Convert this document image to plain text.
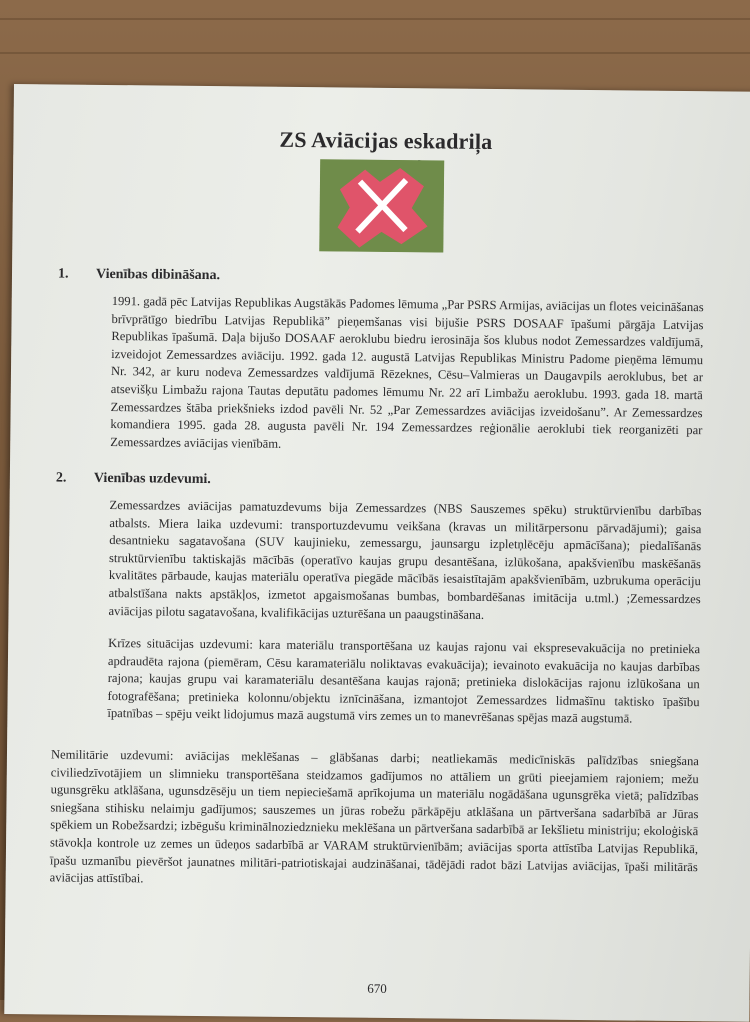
ZS Aviācijas eskadriļa
1. Vienības dibināšana.
1991. gadā pēc Latvijas Republikas Augstākās Padomes lēmuma „Par PSRS Armijas, aviācijas un flotes veicināšanas brīvprātīgo biedrību Latvijas Republikā” pieņemšanas visi bijušie PSRS DOSAAF īpašumi pārgāja Latvijas Republikas īpašumā. Daļa bijušo DOSAAF aeroklubu biedru ierosināja šos klubus nodot Zemessardzes valdījumā, izveidojot Zemessardzes aviāciju. 1992. gada 12. augustā Latvijas Republikas Ministru Padome pieņēma lēmumu Nr. 342, ar kuru nodeva Zemessardzes valdījumā Rēzeknes, Cēsu–Valmieras un Daugavpils aeroklubus, bet ar atsevišķu Limbažu rajona Tautas deputātu padomes lēmumu Nr. 22 arī Limbažu aeroklubu. 1993. gada 18. martā Zemessardzes štāba priekšnieks izdod pavēli Nr. 52 „Par Zemessardzes aviācijas izveidošanu”. Ar Zemessardzes komandiera 1995. gada 28. augusta pavēli Nr. 194 Zemessardzes reģionālie aeroklubi tiek reorganizēti par Zemessardzes aviācijas vienībām.
2. Vienības uzdevumi.
Zemessardzes aviācijas pamatuzdevums bija Zemessardzes (NBS Sauszemes spēku) struktūrvienību darbības atbalsts. Miera laika uzdevumi: transportuzdevumu veikšana (kravas un militārpersonu pārvadājumi); gaisa desantnieku sagatavošana (SUV kaujinieku, zemessargu, jaunsargu izpletņlēcēju apmācīšana); piedalīšanās struktūrvienību taktiskajās mācībās (operatīvo kaujas grupu desantēšana, izlūkošana, apakšvienību maskēšanās kvalitātes pārbaude, kaujas materiālu operatīva piegāde mācībās iesaistītajām apakšvienībām, uzbrukuma operāciju atbalstīšana nakts apstākļos, izmetot apgaismošanas bumbas, bombardēšanas imitācija u.tml.) ;Zemessardzes aviācijas pilotu sagatavošana, kvalifikācijas uzturēšana un paaugstināšana.
Krīzes situācijas uzdevumi: kara materiālu transportēšana uz kaujas rajonu vai ekspresevakuācija no pretinieka apdraudēta rajona (piemēram, Cēsu karamateriālu noliktavas evakuācija); ievainoto evakuācija no kaujas darbības rajona; kaujas grupu vai karamateriālu desantēšana kaujas rajonā; pretinieka dislokācijas rajonu izlūkošana un fotografēšana; pretinieka kolonnu/objektu iznīcināšana, izmantojot Zemessardzes lidmašīnu taktisko īpašību īpatnības – spēju veikt lidojumus mazā augstumā virs zemes un to manevrēšanas spējas mazā augstumā.
Nemilitārie uzdevumi: aviācijas meklēšanas – glābšanas darbi; neatliekamās medicīniskās palīdzības sniegšana civiliedzīvotājiem un slimnieku transportēšana steidzamos gadījumos no attāliem un grūti pieejamiem rajoniem; mežu ugunsgrēku atklāšana, ugunsdzēsēju un tiem nepieciešamā aprīkojuma un materiālu nogādāšana ugunsgrēka vietā; palīdzības sniegšana stihisku nelaimju gadījumos; sauszemes un jūras robežu pārkāpēju atklāšana un pārtveršana sadarbībā ar Jūras spēkiem un Robežsardzi; izbēgušu kriminālnoziedznieku meklēšana un pārtveršana sadarbībā ar Iekšlietu ministriju; ekoloģiskā stāvokļa kontrole uz zemes un ūdeņos sadarbībā ar VARAM struktūrvienībām; aviācijas sporta attīstība Latvijas Republikā, īpašu uzmanību pievēršot jaunatnes militāri-patriotiskajai audzināšanai, tādējādi radot bāzi Latvijas aviācijas, īpaši militārās aviācijas attīstībai.
670
